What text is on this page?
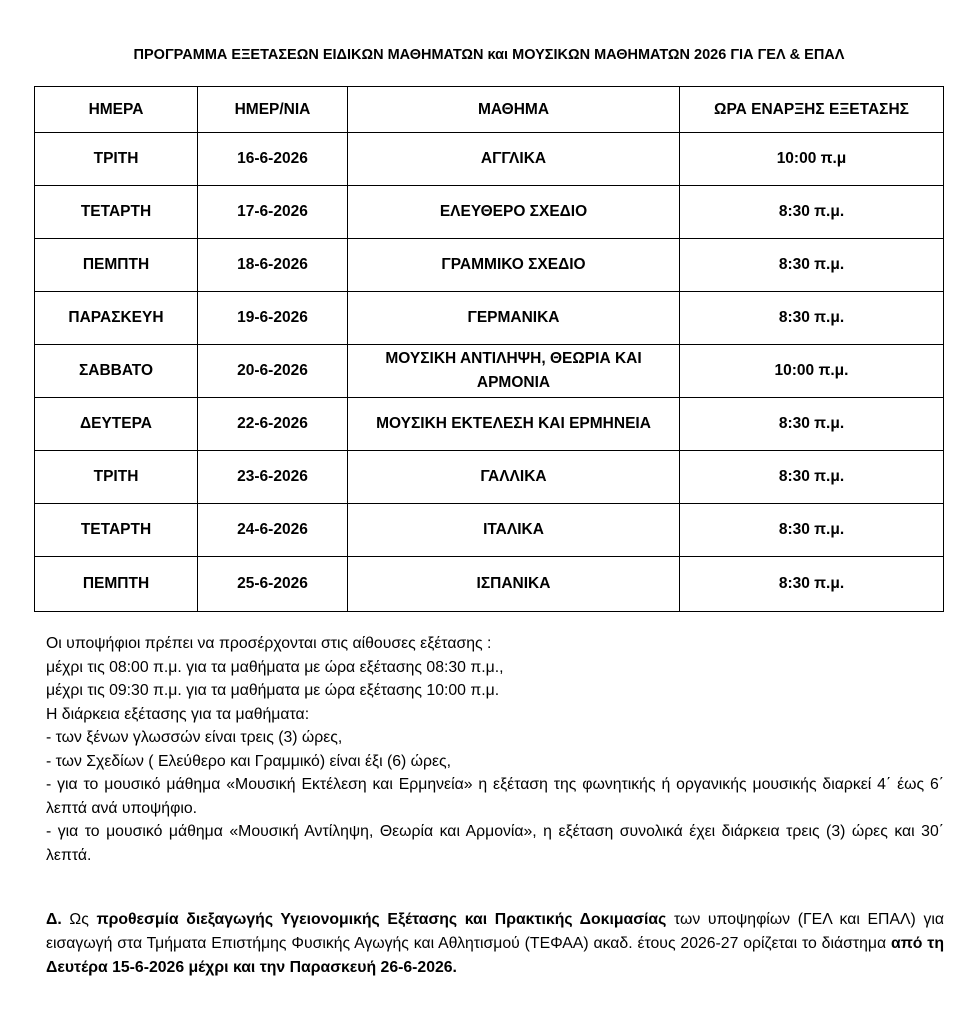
ΠΡΟΓΡΑΜΜΑ ΕΞΕΤΑΣΕΩΝ ΕΙΔΙΚΩΝ ΜΑΘΗΜΑΤΩΝ και ΜΟΥΣΙΚΩΝ ΜΑΘΗΜΑΤΩΝ 2026 ΓΙΑ ΓΕΛ & ΕΠΑΛ
ΗΜΕΡΑ	ΗΜΕΡ/ΝΙΑ	ΜΑΘΗΜΑ	ΩΡΑ ΕΝΑΡΞΗΣ ΕΞΕΤΑΣΗΣ
ΤΡΙΤΗ	16-6-2026	ΑΓΓΛΙΚΑ	10:00 π.μ
ΤΕΤΑΡΤΗ	17-6-2026	ΕΛΕΥΘΕΡΟ ΣΧΕΔΙΟ	8:30 π.μ.
ΠΕΜΠΤΗ	18-6-2026	ΓΡΑΜΜΙΚΟ ΣΧΕΔΙΟ	8:30 π.μ.
ΠΑΡΑΣΚΕΥΗ	19-6-2026	ΓΕΡΜΑΝΙΚΑ	8:30 π.μ.
ΣΑΒΒΑΤΟ	20-6-2026	ΜΟΥΣΙΚΗ ΑΝΤΙΛΗΨΗ, ΘΕΩΡΙΑ ΚΑΙ ΑΡΜΟΝΙΑ	10:00 π.μ.
ΔΕΥΤΕΡΑ	22-6-2026	ΜΟΥΣΙΚΗ ΕΚΤΕΛΕΣΗ ΚΑΙ ΕΡΜΗΝΕΙΑ	8:30 π.μ.
ΤΡΙΤΗ	23-6-2026	ΓΑΛΛΙΚΑ	8:30 π.μ.
ΤΕΤΑΡΤΗ	24-6-2026	ΙΤΑΛΙΚΑ	8:30 π.μ.
ΠΕΜΠΤΗ	25-6-2026	ΙΣΠΑΝΙΚΑ	8:30 π.μ.

Οι υποψήφιοι πρέπει να προσέρχονται στις αίθουσες εξέτασης :

μέχρι τις 08:00 π.μ. για τα μαθήματα με ώρα εξέτασης 08:30 π.μ.,

μέχρι τις 09:30 π.μ. για τα μαθήματα με ώρα εξέτασης 10:00 π.μ.

Η διάρκεια εξέτασης για τα μαθήματα:

- των ξένων γλωσσών είναι τρεις (3) ώρες,

- των Σχεδίων ( Ελεύθερο και Γραμμικό) είναι έξι (6) ώρες,

- για το μουσικό μάθημα «Μουσική Εκτέλεση και Ερμηνεία» η εξέταση της φωνητικής ή οργανικής μουσικής διαρκεί 4΄ έως 6΄ λεπτά ανά υποψήφιο.

- για το μουσικό μάθημα «Μουσική Αντίληψη, Θεωρία και Αρμονία», η εξέταση συνολικά έχει διάρκεια τρεις (3) ώρες και 30΄ λεπτά.

Δ. Ως προθεσμία διεξαγωγής Υγειονομικής Εξέτασης και Πρακτικής Δοκιμασίας των υποψηφίων (ΓΕΛ και ΕΠΑΛ) για εισαγωγή στα Τμήματα Επιστήμης Φυσικής Αγωγής και Αθλητισμού (ΤΕΦΑΑ) ακαδ. έτους 2026-27 ορίζεται το διάστημα από τη Δευτέρα 15-6-2026 μέχρι και την Παρασκευή 26-6-2026.
